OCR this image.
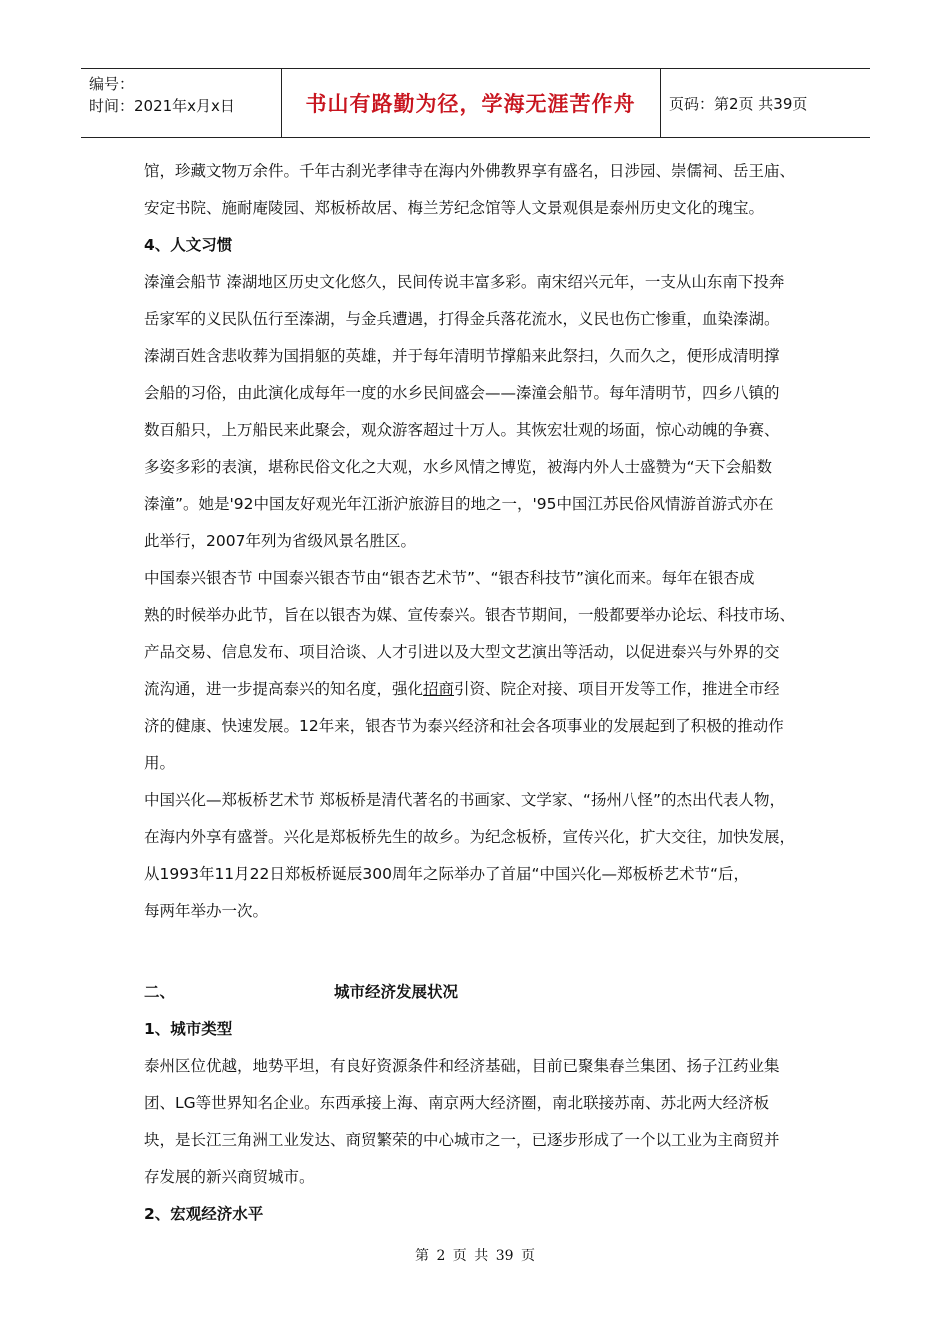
编号：
时间：2021年x月x日	书山有路勤为径，学海无涯苦作舟	页码：第2页 共39页
馆，珍藏文物万余件。千年古刹光孝律寺在海内外佛教界享有盛名，日涉园、崇儒祠、岳王庙、
安定书院、施耐庵陵园、郑板桥故居、梅兰芳纪念馆等人文景观俱是泰州历史文化的瑰宝。
4、人文习惯
溱潼会船节 溱湖地区历史文化悠久，民间传说丰富多彩。南宋绍兴元年，一支从山东南下投奔
岳家军的义民队伍行至溱湖，与金兵遭遇，打得金兵落花流水，义民也伤亡惨重，血染溱湖。
溱湖百姓含悲收葬为国捐躯的英雄，并于每年清明节撑船来此祭扫，久而久之，便形成清明撑
会船的习俗，由此演化成每年一度的水乡民间盛会——溱潼会船节。每年清明节，四乡八镇的
数百船只，上万船民来此聚会，观众游客超过十万人。其恢宏壮观的场面，惊心动魄的争赛、
多姿多彩的表演，堪称民俗文化之大观，水乡风情之博览，被海内外人士盛赞为“天下会船数
溱潼”。她是'92中国友好观光年江浙沪旅游目的地之一，'95中国江苏民俗风情游首游式亦在
此举行，2007年列为省级风景名胜区。
中国泰兴银杏节 中国泰兴银杏节由“银杏艺术节”、“银杏科技节”演化而来。每年在银杏成
熟的时候举办此节，旨在以银杏为媒、宣传泰兴。银杏节期间，一般都要举办论坛、科技市场、
产品交易、信息发布、项目洽谈、人才引进以及大型文艺演出等活动，以促进泰兴与外界的交
流沟通，进一步提高泰兴的知名度，强化招商引资、院企对接、项目开发等工作，推进全市经
济的健康、快速发展。12年来，银杏节为泰兴经济和社会各项事业的发展起到了积极的推动作
用。
中国兴化—郑板桥艺术节 郑板桥是清代著名的书画家、文学家、“扬州八怪”的杰出代表人物，
在海内外享有盛誉。兴化是郑板桥先生的故乡。为纪念板桥，宣传兴化，扩大交往，加快发展，
从1993年11月22日郑板桥诞辰300周年之际举办了首届“中国兴化—郑板桥艺术节“后，
每两年举办一次。
二、	城市经济发展状况
1、城市类型
泰州区位优越，地势平坦，有良好资源条件和经济基础，目前已聚集春兰集团、扬子江药业集
团、LG等世界知名企业。东西承接上海、南京两大经济圈，南北联接苏南、苏北两大经济板
块，是长江三角洲工业发达、商贸繁荣的中心城市之一，已逐步形成了一个以工业为主商贸并
存发展的新兴商贸城市。
2、宏观经济水平
第 2 页 共 39 页
